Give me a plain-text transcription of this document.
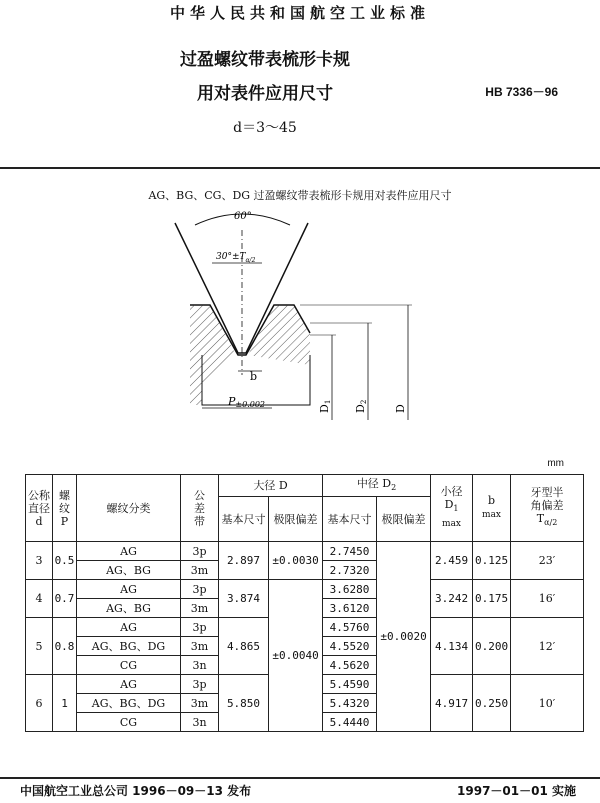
中华人民共和国航空工业标准
过盈螺纹带表梳形卡规
用对表件应用尺寸	HB 7336－96
d＝3～45
AG、BG、CG、DG 过盈螺纹带表梳形卡规用对表件应用尺寸
60°
$30^\circ\pm T_{\alpha/2}$
b
P±0.002	D1
D2
D
mm
公称
直径
d	螺
纹
P	螺纹分类	公
差
带	大径 D		中径 $D_2$		小径
$D_1$
max	b
max	牙型半
角偏差
$T_{\alpha/2}$
				基本尺寸	极限偏差	基本尺寸	极限偏差			
3	0.5	AG	3p	2.897	±0.0030	2.7450	±0.0020	2.459	0.125	23′
		AG、BG	3m			2.7320				
4	0.7	AG	3p	3.874	±0.0040	3.6280		3.242	0.175	16′
		AG、BG	3m			3.6120				
5	0.8	AG	3p	4.865		4.5760		4.134	0.200	12′
		AG、BG、DG	3m			4.5520				
		CG	3n			4.5620				
6	1	AG	3p	5.850		5.4590		4.917	0.250	10′
		AG、BG、DG	3m			5.4320				
		CG	3n			5.4440				
中国航空工业总公司 1996－09－13 发布	1997－01－01 实施
